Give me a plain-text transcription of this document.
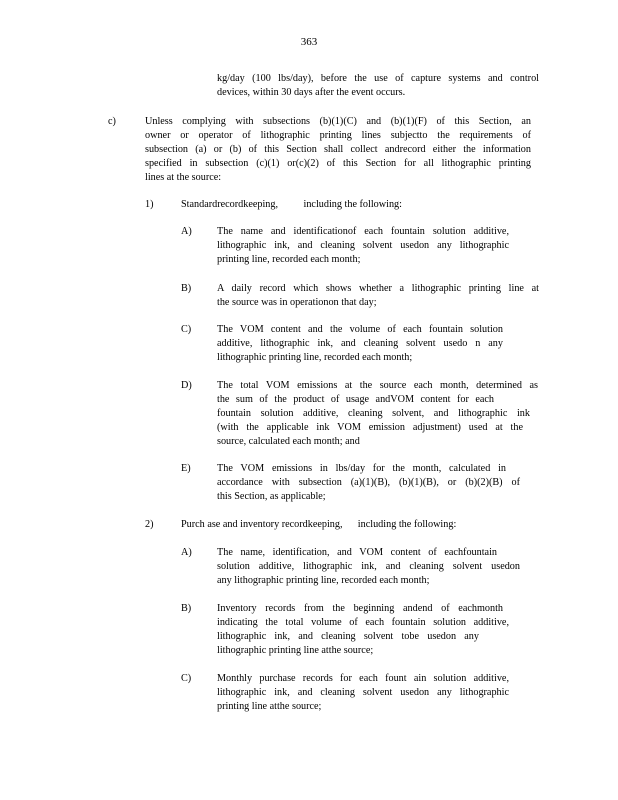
363
kg/day (100 lbs/day), before the use of capture systems and control
devices, within 30 days after the event occurs.
c)	Unless complying with subsections (b)(1)(C) and (b)(1)(F) of this Section, an
owner or operator of lithographic printing lines subjectto the requirements of
subsection (a) or (b) of this Section shall collect andrecord either the information
specified in subsection (c)(1) or(c)(2) of this Section for all lithographic printing
lines at the source:
1)	Standardrecordkeeping,          including the following:
A) The name and identificationof each fountain solution additive,
lithographic ink, and cleaning solvent usedon any lithographic
printing line, recorded each month;
B)	A daily record which shows whether a lithographic printing line at
the source was in operationon that day;
C)	The VOM content and the volume of each fountain solution
additive, lithographic ink, and cleaning solvent usedo n any
lithographic printing line, recorded each month;
D) The total VOM emissions at the source each month, determined as
the sum of the product of usage andVOM content for each
fountain solution additive, cleaning solvent, and lithographic ink
(with the applicable ink VOM emission adjustment) used at the
source, calculated each month; and
E)	The VOM emissions in lbs/day for the month, calculated in
accordance with subsection (a)(1)(B), (b)(1)(B), or (b)(2)(B) of
this Section, as applicable;
2)	Purch ase and inventory recordkeeping,      including the following:
A) The name, identification, and VOM content of eachfountain
solution additive, lithographic ink, and cleaning solvent usedon
any lithographic printing line, recorded each month;
B)	Inventory records from the beginning andend of eachmonth
indicating the total volume of each fountain solution additive,
lithographic ink, and cleaning solvent tobe usedon any
lithographic printing line atthe source;
C)	Monthly purchase records for each fount ain solution additive,
lithographic ink, and cleaning solvent usedon any lithographic
printing line atthe source;
